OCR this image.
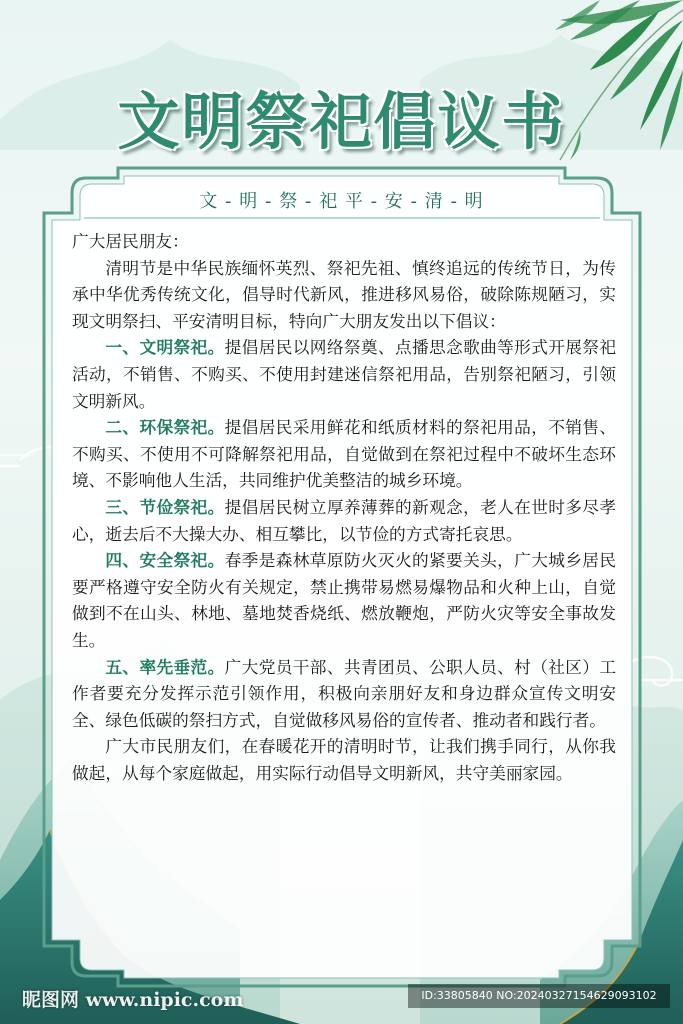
文明祭祀倡议书
文 - 明 - 祭 - 祀 平 - 安 - 清 - 明

广大居民朋友：

清明节是中华民族缅怀英烈、祭祀先祖、慎终追远的传统节日，为传承中华优秀传统文化，倡导时代新风，推进移风易俗，破除陈规陋习，实现文明祭扫、平安清明目标，特向广大朋友发出以下倡议：

一、文明祭祀。提倡居民以网络祭奠、点播思念歌曲等形式开展祭祀活动，不销售、不购买、不使用封建迷信祭祀用品，告别祭祀陋习，引领文明新风。

二、环保祭祀。提倡居民采用鲜花和纸质材料的祭祀用品，不销售、不购买、不使用不可降解祭祀用品，自觉做到在祭祀过程中不破坏生态环境、不影响他人生活，共同维护优美整洁的城乡环境。

三、节俭祭祀。提倡居民树立厚养薄葬的新观念，老人在世时多尽孝心，逝去后不大操大办、相互攀比，以节俭的方式寄托哀思。

四、安全祭祀。春季是森林草原防火灭火的紧要关头，广大城乡居民要严格遵守安全防火有关规定，禁止携带易燃易爆物品和火种上山，自觉做到不在山头、林地、墓地焚香烧纸、燃放鞭炮，严防火灾等安全事故发生。

五、率先垂范。广大党员干部、共青团员、公职人员、村（社区）工作者要充分发挥示范引领作用，积极向亲朋好友和身边群众宣传文明安全、绿色低碳的祭扫方式，自觉做移风易俗的宣传者、推动者和践行者。

广大市民朋友们，在春暖花开的清明时节，让我们携手同行，从你我做起，从每个家庭做起，用实际行动倡导文明新风，共守美丽家园。

昵图网 www.nipic.com	ID:33805840 NO:20240327154629093102
